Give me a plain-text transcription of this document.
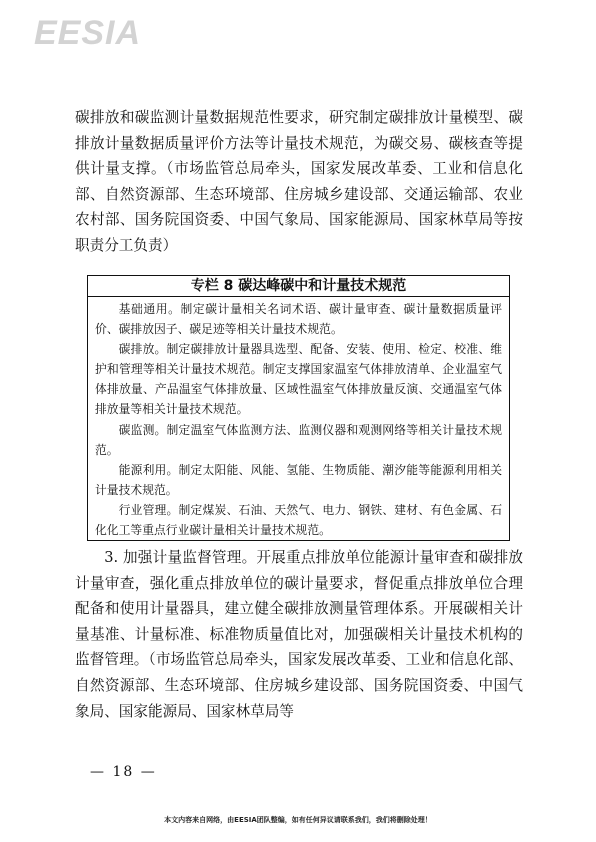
EESIA
碳排放和碳监测计量数据规范性要求，研究制定碳排放计量模型、碳排放计量数据质量评价方法等计量技术规范，为碳交易、碳核查等提供计量支撑。（市场监管总局牵头，国家发展改革委、工业和信息化部、自然资源部、生态环境部、住房城乡建设部、交通运输部、农业农村部、国务院国资委、中国气象局、国家能源局、国家林草局等按职责分工负责）
专栏 8 碳达峰碳中和计量技术规范

基础通用。制定碳计量相关名词术语、碳计量审查、碳计量数据质量评价、碳排放因子、碳足迹等相关计量技术规范。

碳排放。制定碳排放计量器具选型、配备、安装、使用、检定、校准、维护和管理等相关计量技术规范。制定支撑国家温室气体排放清单、企业温室气体排放量、产品温室气体排放量、区域性温室气体排放量反演、交通温室气体排放量等相关计量技术规范。

碳监测。制定温室气体监测方法、监测仪器和观测网络等相关计量技术规范。

能源利用。制定太阳能、风能、氢能、生物质能、潮汐能等能源利用相关计量技术规范。

行业管理。制定煤炭、石油、天然气、电力、钢铁、建材、有色金属、石化化工等重点行业碳计量相关计量技术规范。

3. 加强计量监督管理。开展重点排放单位能源计量审查和碳排放计量审查，强化重点排放单位的碳计量要求，督促重点排放单位合理配备和使用计量器具，建立健全碳排放测量管理体系。开展碳相关计量基准、计量标准、标准物质量值比对，加强碳相关计量技术机构的监督管理。（市场监管总局牵头，国家发展改革委、工业和信息化部、自然资源部、生态环境部、住房城乡建设部、国务院国资委、中国气象局、国家能源局、国家林草局等
— 18 —
本文内容来自网络，由EESIA团队整编，如有任何异议请联系我们，我们将删除处理！
